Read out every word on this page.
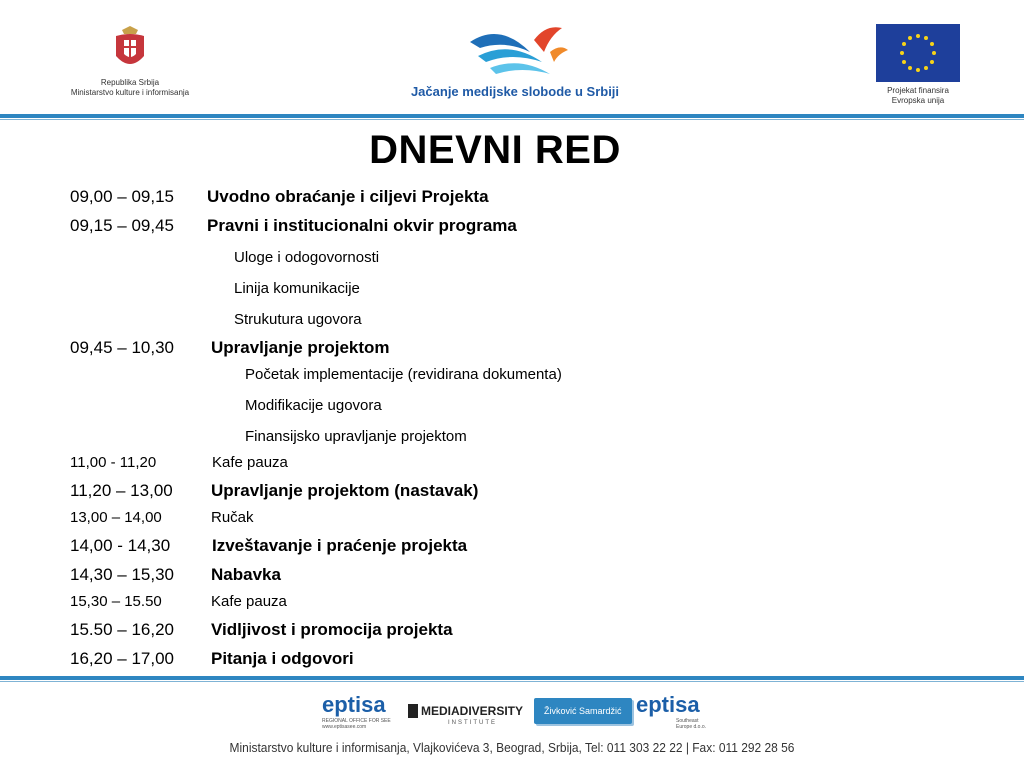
Republika Srbija
Ministarstvo kulture i informisanja	Jačanje medijske slobode u Srbiji	Projekat finansira
Evropska unija
DNEVNI RED
09,00 – 09,15 Uvodno obraćanje i ciljevi Projekta
09,15 – 09,45 Pravni i institucionalni okvir programa
Uloge i odogovornosti
Linija komunikacije
Strukutura ugovora
09,45 – 10,30 Upravljanje projektom
Početak implementacije (revidirana dokumenta)
Modifikacije ugovora
Finansijsko upravljanje projektom
11,00 - 11,20	Kafe pauza
11,20 – 13,00 Upravljanje projektom (nastavak)
13,00 – 14,00	Ručak
14,00 - 14,30 Izveštavanje i praćenje projekta
14,30 – 15,30 Nabavka
15,30 – 15.50	Kafe pauza
15.50 – 16,20 Vidljivost i promocija projekta
16,20 – 17,00 Pitanja i odgovori
eptisa
REGIONAL OFFICE FOR SEE
www.eptisasee.com
MEDIADIVERSITY
INSTITUTE
Živković Samardžić eptisa
Southeast
Europe d.o.o.
Ministarstvo kulture i informisanja, Vlajkovićeva 3, Beograd, Srbija, Tel: 011 303 22 22 | Fax: 011 292 28 56
